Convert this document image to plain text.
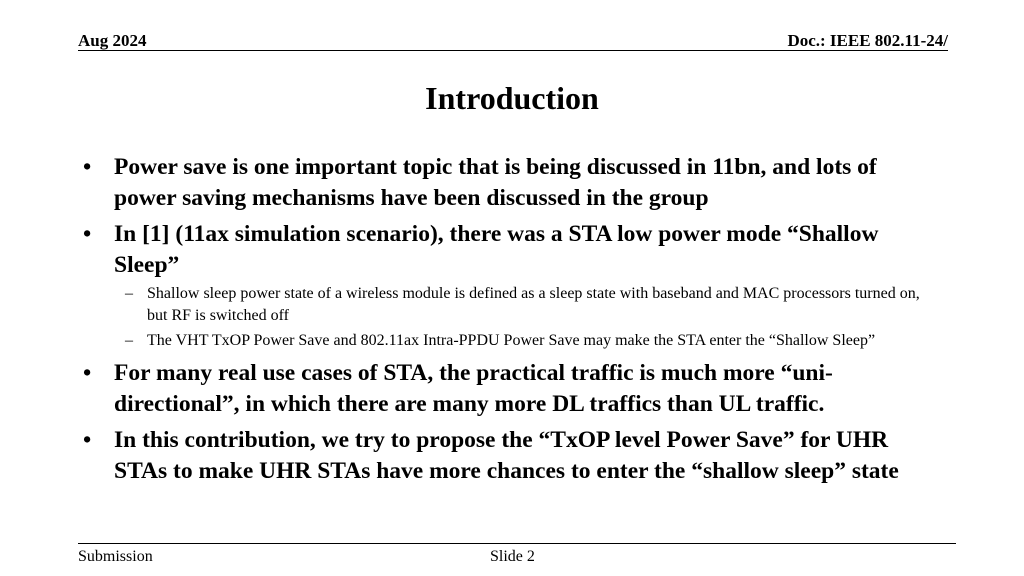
Aug 2024	Doc.: IEEE 802.11-24/
Introduction
• Power save is one important topic that is being discussed in 11bn, and lots of power saving mechanisms have been discussed in the group
• In [1] (11ax simulation scenario), there was a STA low power mode “Shallow Sleep”
– Shallow sleep power state of a wireless module is defined as a sleep state with baseband and MAC processors turned on, but RF is switched off
– The VHT TxOP Power Save and 802.11ax Intra-PPDU Power Save may make the STA enter the “Shallow Sleep”
• For many real use cases of STA, the practical traffic is much more “uni-directional”, in which there are many more DL traffics than UL traffic.
• In this contribution, we try to propose the “TxOP level Power Save” for UHR STAs to make UHR STAs have more chances to enter the “shallow sleep” state
Submission	Slide 2
